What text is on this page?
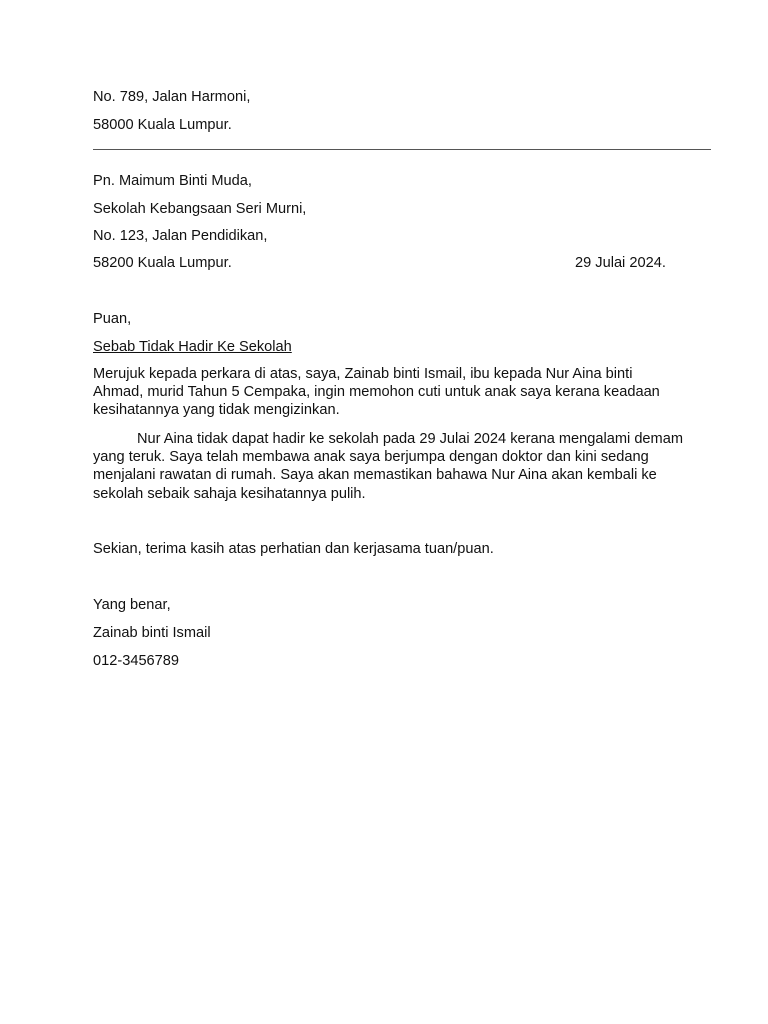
No. 789, Jalan Harmoni,
58000 Kuala Lumpur.
Pn. Maimum Binti Muda,
Sekolah Kebangsaan Seri Murni,
No. 123, Jalan Pendidikan,
58200 Kuala Lumpur.	29 Julai 2024.
Puan,
Sebab Tidak Hadir Ke Sekolah

Merujuk kepada perkara di atas, saya, Zainab binti Ismail, ibu kepada Nur Aina binti Ahmad, murid Tahun 5 Cempaka, ingin memohon cuti untuk anak saya kerana keadaan kesihatannya yang tidak mengizinkan.

Nur Aina tidak dapat hadir ke sekolah pada 29 Julai 2024 kerana mengalami demam yang teruk. Saya telah membawa anak saya berjumpa dengan doktor dan kini sedang menjalani rawatan di rumah. Saya akan memastikan bahawa Nur Aina akan kembali ke sekolah sebaik sahaja kesihatannya pulih.

Sekian, terima kasih atas perhatian dan kerjasama tuan/puan.
Yang benar,
Zainab binti Ismail
012-3456789
